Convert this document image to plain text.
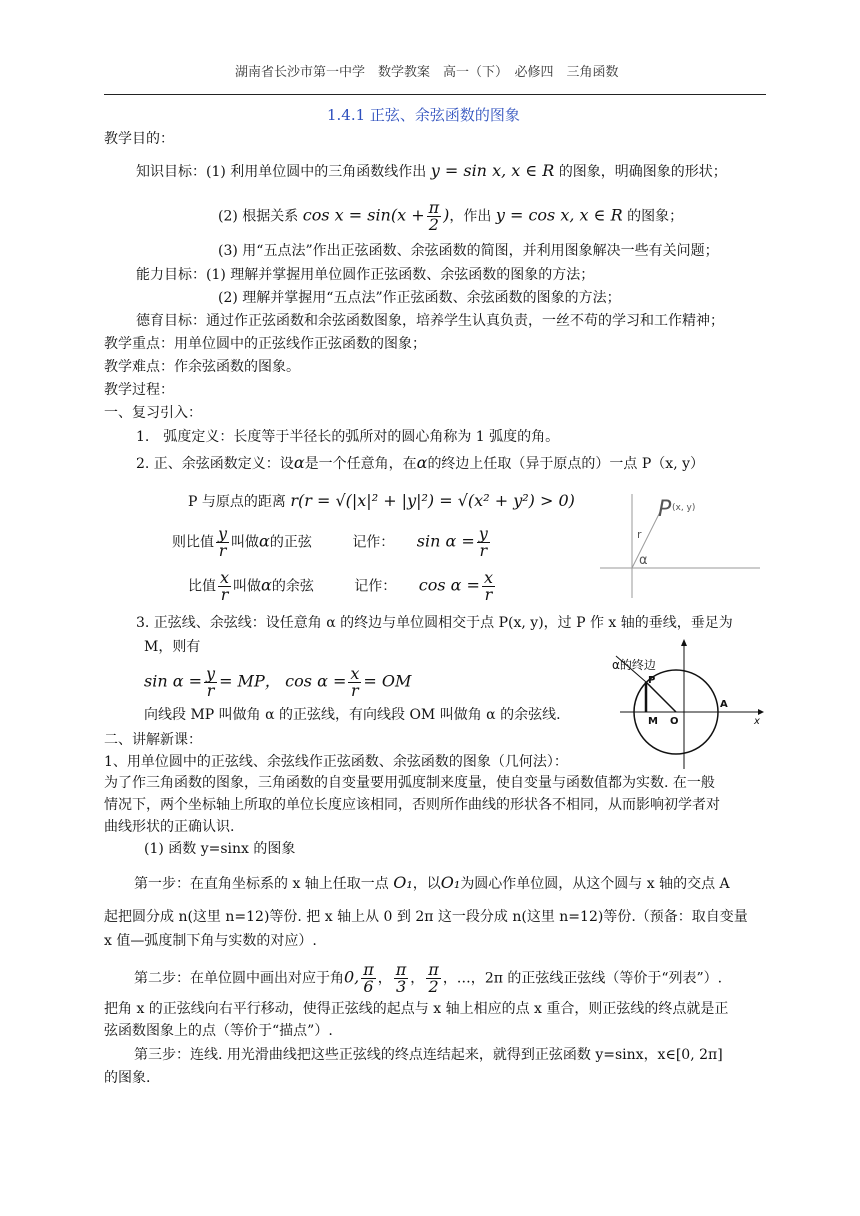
湖南省长沙市第一中学　数学教案　高一（下）　必修四　三角函数
1.4.1 正弦、余弦函数的图象
教学目的：
知识目标：(1) 利用单位圆中的三角函数线作出 y = sin x, x ∈ R 的图象，明确图象的形状；
(2) 根据关系 $\cos x = \sin(x + \frac{\pi}{2}$ )，作出 y = cos x, x ∈ R 的图象；
(3) 用“五点法”作出正弦函数、余弦函数的简图，并利用图象解决一些有关问题；
能力目标：(1) 理解并掌握用单位圆作正弦函数、余弦函数的图象的方法；
(2) 理解并掌握用“五点法”作正弦函数、余弦函数的图象的方法；
德育目标：通过作正弦函数和余弦函数图象，培养学生认真负责，一丝不苟的学习和工作精神；
教学重点：用单位圆中的正弦线作正弦函数的图象；
教学难点：作余弦函数的图象。
教学过程：
一、复习引入：
1.　弧度定义：长度等于半径长的弧所对的圆心角称为 1 弧度的角。
2. 正、余弦函数定义：设α是一个任意角，在α的终边上任取（异于原点的）一点 P（x, y）
P 与原点的距离 r(r = √(|x|² + |y|²) = √(x² + y²) > 0)
则比值 $\frac{y}{r}$ 叫做α的正弦	记作： $\sin \alpha = \frac{y}{r}$
比值 $\frac{x}{r}$ 叫做α的余弦	记作： $\cos \alpha = \frac{x}{r}$
P (x, y)
r
α
3. 正弦线、余弦线：设任意角 α 的终边与单位圆相交于点 P(x, y)，过 P 作 x 轴的垂线，垂足为
M，则有
$\sin \alpha = \frac{y}{r}$ = MP， $\cos \alpha = \frac{x}{r}$ = OM
向线段 MP 叫做角 α 的正弦线，有向线段 OM 叫做角 α 的余弦线.
α的终边
P
A
M O	x
二、讲解新课：
1、用单位圆中的正弦线、余弦线作正弦函数、余弦函数的图象（几何法）：
为了作三角函数的图象，三角函数的自变量要用弧度制来度量，使自变量与函数值都为实数. 在一般
情况下，两个坐标轴上所取的单位长度应该相同，否则所作曲线的形状各不相同，从而影响初学者对
曲线形状的正确认识.
(1) 函数 y=sinx 的图象
第一步：在直角坐标系的 x 轴上任取一点 O₁，以O₁为圆心作单位圆，从这个圆与 x 轴的交点 A
起把圆分成 n(这里 n=12)等份. 把 x 轴上从 0 到 2π 这一段分成 n(这里 n=12)等份.（预备：取自变量
x 值—弧度制下角与实数的对应）.
第二步：在单位圆中画出对应于角0, $\frac{\pi}{6}$ ， $\frac{\pi}{3}$ ， $\frac{\pi}{2}$ ，…，2π 的正弦线正弦线（等价于“列表”）.
把角 x 的正弦线向右平行移动，使得正弦线的起点与 x 轴上相应的点 x 重合，则正弦线的终点就是正
弦函数图象上的点（等价于“描点”）.
第三步：连线. 用光滑曲线把这些正弦线的终点连结起来，就得到正弦函数 y=sinx，x∈[0, 2π]
的图象.
